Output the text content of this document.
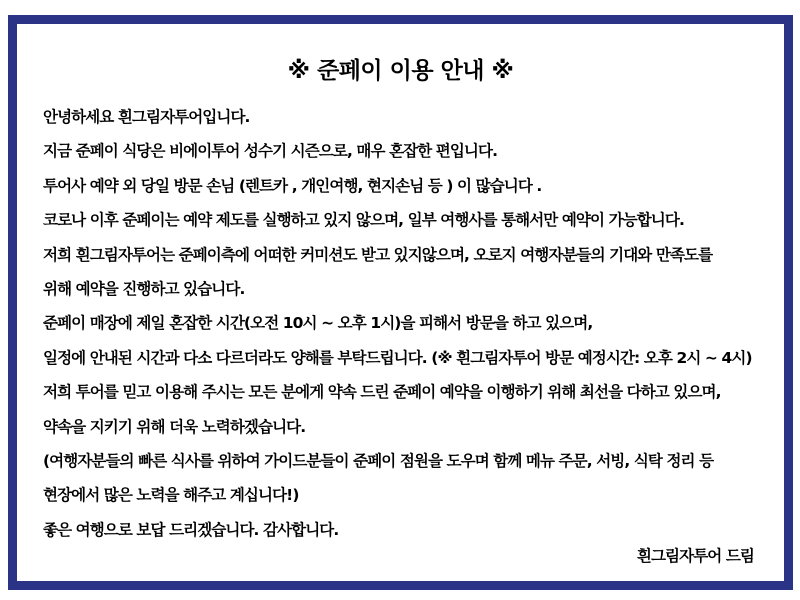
※ 준페이 이용 안내 ※
안녕하세요 흰그림자투어입니다.
지금 준페이 식당은 비에이투어 성수기 시즌으로, 매우 혼잡한 편입니다.
투어사 예약 외 당일 방문 손님 (렌트카 , 개인여행, 현지손님 등 ) 이 많습니다 .
코로나 이후 준페이는 예약 제도를 실행하고 있지 않으며, 일부 여행사를 통해서만 예약이 가능합니다.
저희 흰그림자투어는 준페이측에 어떠한 커미션도 받고 있지않으며, 오로지 여행자분들의 기대와 만족도를
위해 예약을 진행하고 있습니다.
준페이 매장에 제일 혼잡한 시간(오전 10시 ~ 오후 1시)을 피해서 방문을 하고 있으며,
일정에 안내된 시간과 다소 다르더라도 양해를 부탁드립니다. (※ 흰그림자투어 방문 예정시간: 오후 2시 ~ 4시)
저희 투어를 믿고 이용해 주시는 모든 분에게 약속 드린 준페이 예약을 이행하기 위해 최선을 다하고 있으며,
약속을 지키기 위해 더욱 노력하겠습니다.
(여행자분들의 빠른 식사를 위하여 가이드분들이 준페이 점원을 도우며 함께 메뉴 주문, 서빙, 식탁 정리 등
현장에서 많은 노력을 해주고 계십니다!)
좋은 여행으로 보답 드리겠습니다. 감사합니다.
흰그림자투어 드림
